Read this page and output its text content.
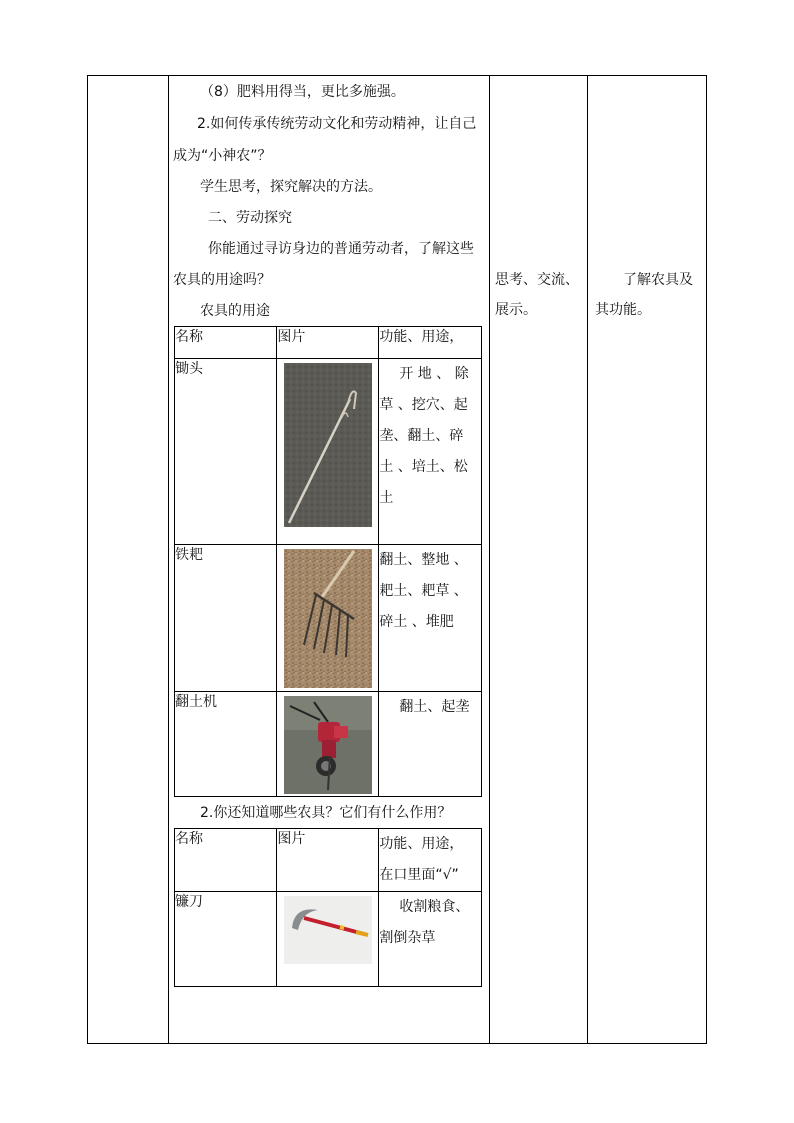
（8）肥料用得当，更比多施强。
2.如何传承传统劳动文化和劳动精神，让自己
成为“小神农”？
学生思考，探究解决的方法。
二、劳动探究
你能通过寻访身边的普通劳动者，了解这些
农具的用途吗？
农具的用途
名称	图片	功能、用途，
锄头		开 地 、 除
草 、挖穴、起
垄、翻土、碎
土 、培土、松
土

铁耙		翻土、整地 、
耙土、耙草 、
碎土 、堆肥

翻土机		翻土、起垄
2.你还知道哪些农具？它们有什么作用？
名称	图片	功能、用途，
在口里面“√”

镰刀		收割粮食、
割倒杂草
思考、交流、
展示。
了解农具及
其功能。
